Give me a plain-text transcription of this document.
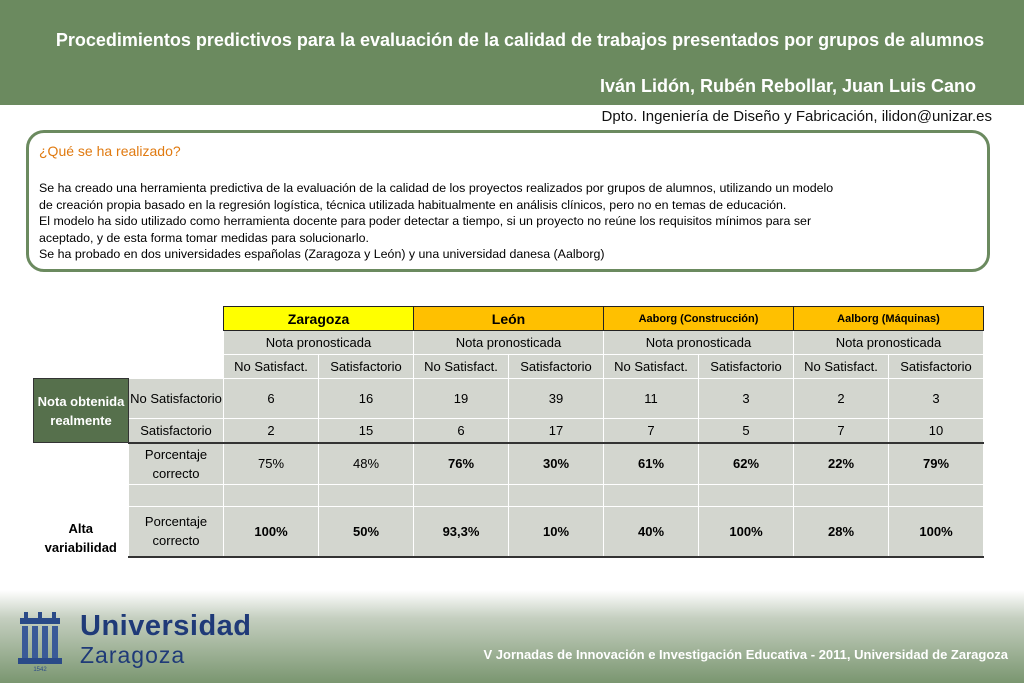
Procedimientos predictivos para la evaluación de la calidad de trabajos presentados por grupos de alumnos
Iván Lidón, Rubén Rebollar, Juan Luis Cano
Dpto. Ingeniería de Diseño y Fabricación, ilidon@unizar.es
¿Qué se ha realizado?
Se ha creado una herramienta predictiva de la evaluación de la calidad de los proyectos realizados por grupos de alumnos, utilizando un modelo
de creación propia basado en la regresión logística, técnica utilizada habitualmente en análisis clínicos, pero no en temas de educación.
El modelo ha sido utilizado como herramienta docente para poder detectar a tiempo, si un proyecto no reúne los requisitos mínimos para ser
aceptado, y de esta forma tomar medidas para solucionarlo.
Se ha probado en dos universidades españolas (Zaragoza y León) y una universidad danesa (Aalborg)
		Zaragoza		León		Aaborg (Construcción)		Aalborg (Máquinas)	
		Nota pronosticada		Nota pronosticada		Nota pronosticada		Nota pronosticada	
		No Satisfact.	Satisfactorio	No Satisfact.	Satisfactorio	No Satisfact.	Satisfactorio	No Satisfact.	Satisfactorio
Nota obtenida realmente	No Satisfactorio	6	16	19	39	11	3	2	3
	Satisfactorio	2	15	6	17	7	5	7	10
	Porcentaje correcto	75%	48%	76%	30%	61%	62%	22%	79%

Alta variabilidad	Porcentaje correcto	100%	50%	93,3%	10%	40%	100%	28%	100%
1542
Universidad
Zaragoza	V Jornadas de Innovación e Investigación Educativa - 2011, Universidad de Zaragoza
